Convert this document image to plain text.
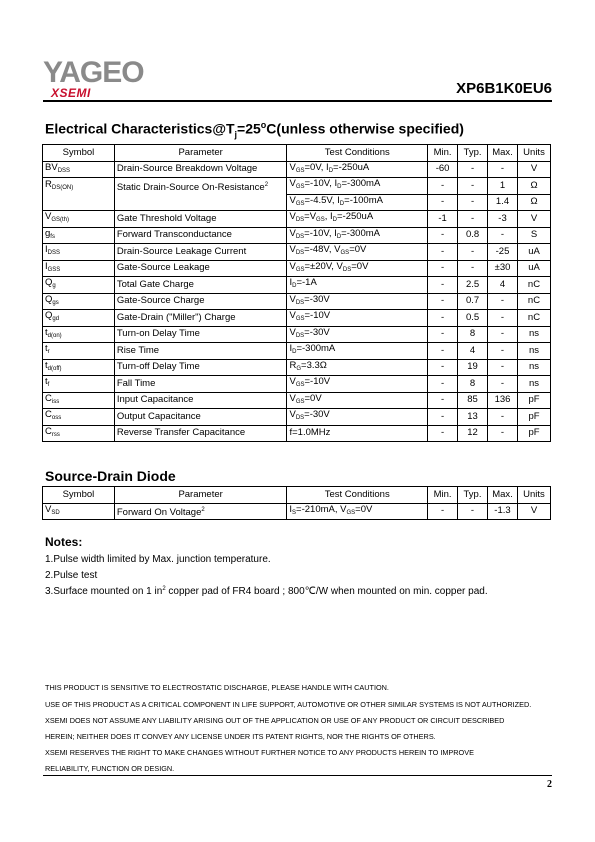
YAGEO
XSEMI	XP6B1K0EU6
Electrical $Characteristics@T_j=25^oC(unless$ otherwise specified)
Symbol	Parameter	Test Conditions	Min.	Typ.	Max.	Units
$BV_{DSS}$	Drain-Source Breakdown Voltage	$V_{GS}=0V$, $I_D=-250uA$	-60	-	-	V
$R_{DS(ON)}$	Static Drain-Source On-Resistance$^2$	$V_{GS}=-10V$, $I_D=-300mA$	-	-	1	Ω
		$V_{GS}=-4.5V$, $I_D=-100mA$	-	-	1.4	Ω
$V_{GS(th)}$	Gate Threshold Voltage	$V_{DS}=V_{GS}$, $I_D=-250uA$	-1	-	-3	V
$g_{fs}$	Forward Transconductance	$V_{DS}=-10V$, $I_D=-300mA$	-	0.8	-	S
$I_{DSS}$	Drain-Source Leakage Current	$V_{DS}=-48V$, $V_{GS}=0V$	-	-	-25	uA
$I_{GSS}$	Gate-Source Leakage	$V_{GS}=\pm 20V$, $V_{DS}=0V$	-	-	±30	uA
$Q_g$	Total Gate Charge	$I_D=-1A$	-	2.5	4	nC
$Q_{gs}$	Gate-Source Charge	$V_{DS}=-30V$	-	0.7	-	nC
$Q_{gd}$	Gate-Drain ("Miller") Charge	$V_{GS}=-10V$	-	0.5	-	nC
$t_{d(on)}$	Turn-on Delay Time	$V_{DS}=-30V$	-	8	-	ns
$t_r$	Rise Time	$I_D=-300mA$	-	4	-	ns
$t_{d(off)}$	Turn-off Delay Time	$R_G=3.3\Omega$	-	19	-	ns
$t_f$	Fall Time	$V_{GS}=-10V$	-	8	-	ns
$C_{iss}$	Input Capacitance	$V_{GS}=0V$	-	85	136	pF
$C_{oss}$	Output Capacitance	$V_{DS}=-30V$	-	13	-	pF
$C_{rss}$	Reverse Transfer Capacitance	f=1.0MHz	-	12	-	pF
Source-Drain Diode
Symbol	Parameter	Test Conditions	Min.	Typ.	Max.	Units
$V_{SD}$	Forward On Voltage$^2$	$I_S=-210mA$, $V_{GS}=0V$	-	-	-1.3	V
Notes:
1.Pulse width limited by Max. junction temperature.
2.Pulse test
3.Surface mounted on 1 $in^2$ copper pad of FR4 board ; 800℃/W when mounted on min. copper pad.
THIS PRODUCT IS SENSITIVE TO ELECTROSTATIC DISCHARGE, PLEASE HANDLE WITH CAUTION.
USE OF THIS PRODUCT AS A CRITICAL COMPONENT IN LIFE SUPPORT, AUTOMOTIVE OR OTHER SIMILAR SYSTEMS IS NOT AUTHORIZED.
XSEMI DOES NOT ASSUME ANY LIABILITY ARISING OUT OF THE APPLICATION OR USE OF ANY PRODUCT OR CIRCUIT DESCRIBED
HEREIN; NEITHER DOES IT CONVEY ANY LICENSE UNDER ITS PATENT RIGHTS, NOR THE RIGHTS OF OTHERS.
XSEMI RESERVES THE RIGHT TO MAKE CHANGES WITHOUT FURTHER NOTICE TO ANY PRODUCTS HEREIN TO IMPROVE
RELIABILITY, FUNCTION OR DESIGN.
2
